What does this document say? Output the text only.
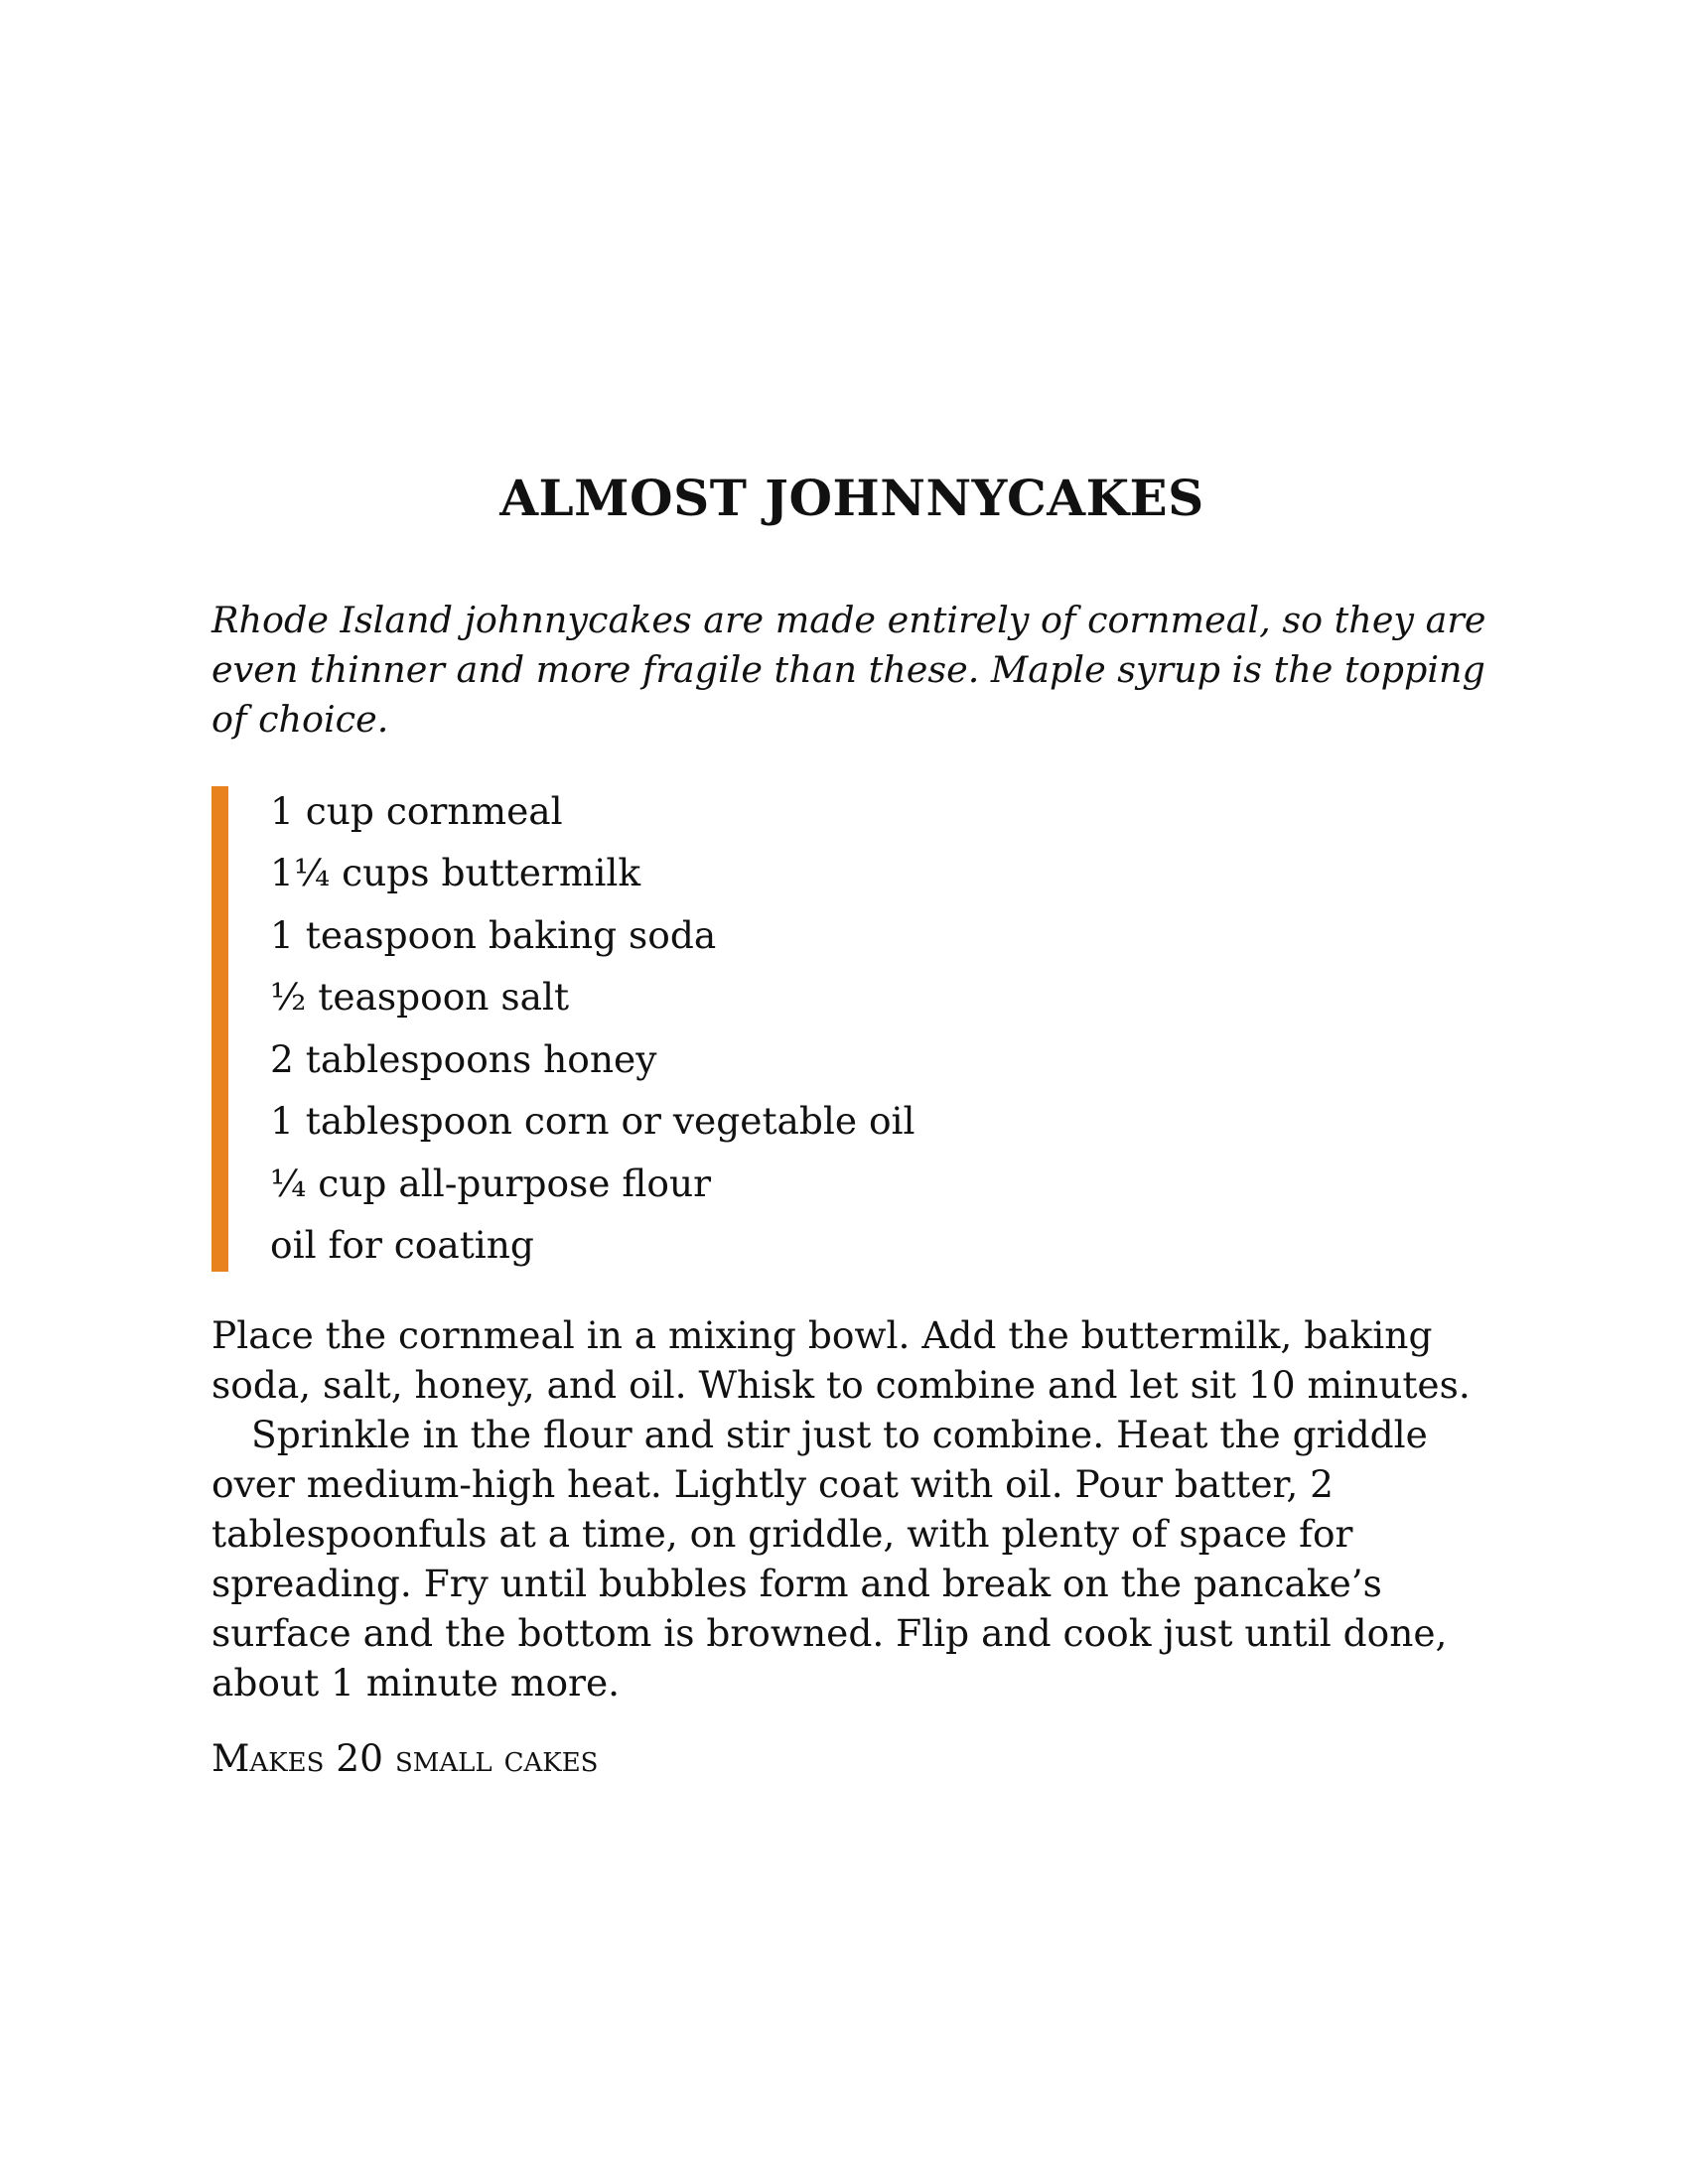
ALMOST JOHNNYCAKES

Rhode Island johnnycakes are made entirely of cornmeal, so they are even thinner and more fragile than these. Maple syrup is the topping of choice.

1 cup cornmeal
1¼ cups buttermilk
1 teaspoon baking soda
½ teaspoon salt
2 tablespoons honey
1 tablespoon corn or vegetable oil
¼ cup all-purpose flour
oil for coating

Place the cornmeal in a mixing bowl. Add the buttermilk, baking soda, salt, honey, and oil. Whisk to combine and let sit 10 minutes.

Sprinkle in the flour and stir just to combine. Heat the griddle over medium-high heat. Lightly coat with oil. Pour batter, 2 tablespoonfuls at a time, on griddle, with plenty of space for spreading. Fry until bubbles form and break on the pancake’s surface and the bottom is browned. Flip and cook just until done, about 1 minute more.

Makes 20 small cakes
